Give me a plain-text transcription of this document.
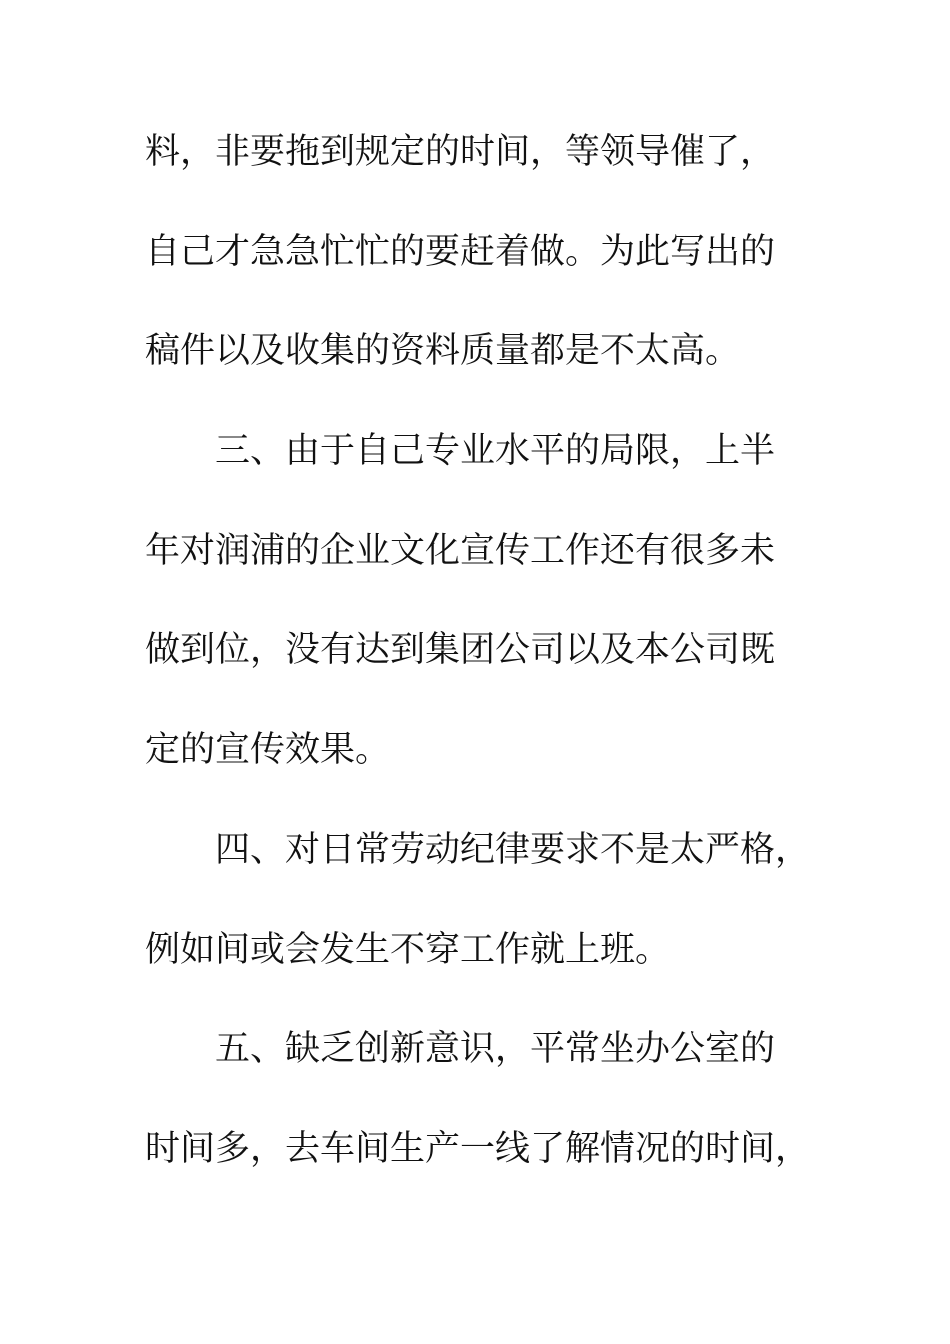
料，非要拖到规定的时间，等领导催了，
自己才急急忙忙的要赶着做。为此写出的
稿件以及收集的资料质量都是不太高。
三、由于自己专业水平的局限，上半
年对润浦的企业文化宣传工作还有很多未
做到位，没有达到集团公司以及本公司既
定的宣传效果。
四、对日常劳动纪律要求不是太严格，
例如间或会发生不穿工作就上班。
五、缺乏创新意识，平常坐办公室的
时间多，去车间生产一线了解情况的时间，
